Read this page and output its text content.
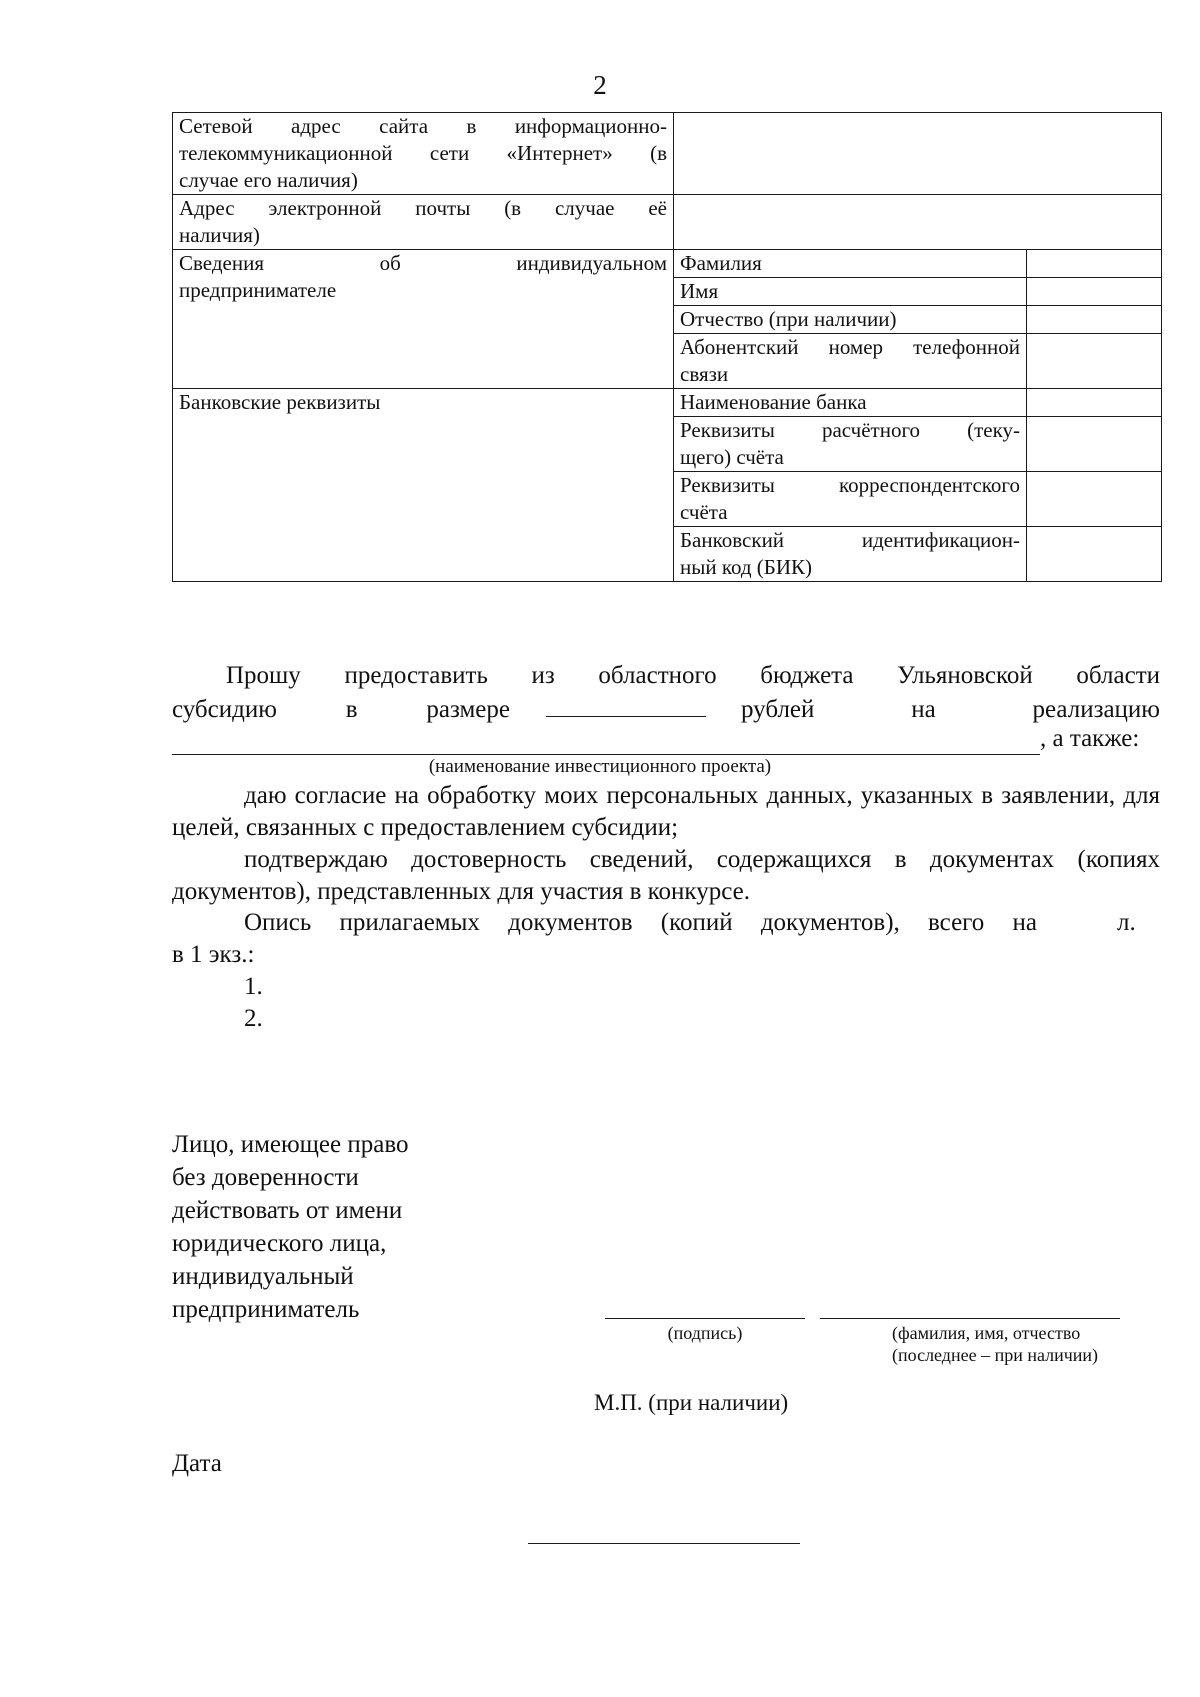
2
Сетевой адрес сайта в информационно-
телекоммуникационной сети «Интернет» (в
случае его наличия)		

Адрес электронной почты (в случае её
наличия)		

Сведения об индивидуальном
предпринимателе	Фамилия	
	Имя	
	Отчество (при наличии)	

	Абонентский номер телефонной
связи	

Банковские реквизиты	Наименование банка	

	Реквизиты расчётного (теку-
щего) счёта	

	Реквизиты корреспондентского
счёта	

	Банковский идентификацион-
ный код (БИК)	

Прошу предоставить из областного бюджета Ульяновской области
субсидию	в	размере	рублей	на	реализацию
, а также:
(наименование инвестиционного проекта)
даю согласие на обработку моих персональных данных, указанных в заявлении, для целей, связанных с предоставлением субсидии;
подтверждаю достоверность сведений, содержащихся в документах (копиях документов), представленных для участия в конкурсе.
Опись прилагаемых документов (копий документов), всего на	л.
в 1 экз.:
1.
2.
Лицо, имеющее право
без доверенности
действовать от имени
юридического лица,
индивидуальный
предприниматель
(подпись)	(фамилия, имя, отчество
(последнее – при наличии)
М.П. (при наличии)
Дата
